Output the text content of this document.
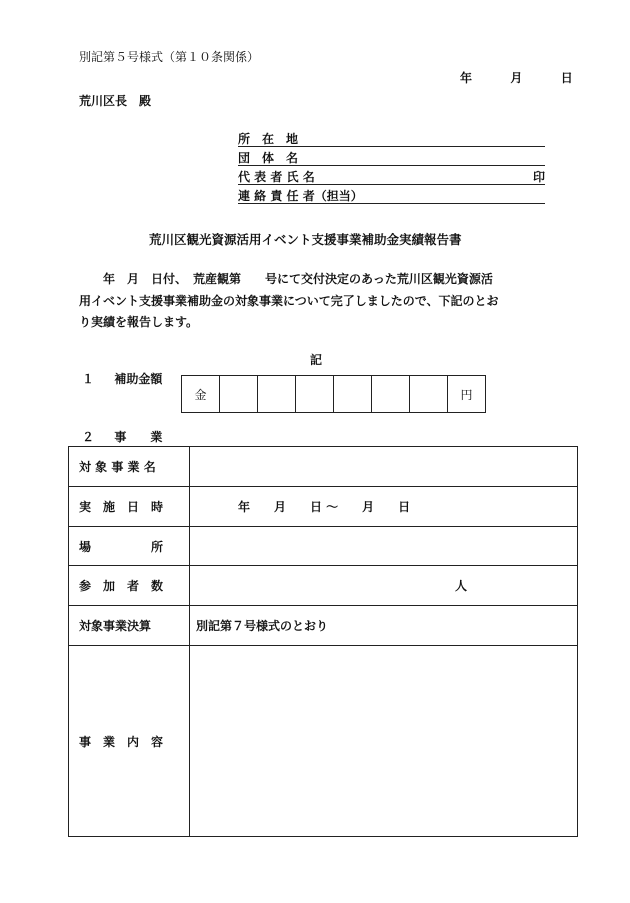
別記第５号様式（第１０条関係）
年	月	日
荒川区長　殿
所　在　地
団　体　名
代 表 者 氏 名	印
連 絡 責 任 者（担当）
荒川区観光資源活用イベント支援事業補助金実績報告書
　　年　月　日付、　荒産観第　　号にて交付決定のあった荒川区観光資源活
用イベント支援事業補助金の対象事業について完了しましたので、下記のとお
り実績を報告します。
記
１ 補助金額
金	円
２ 事　　業
対 象 事 業 名	
実　施　日　時	年　　月　　日 〜　　月　　日
場　　　　　所	
参　加　者　数	人
対象事業決算	別記第７号様式のとおり
事　業　内　容	
